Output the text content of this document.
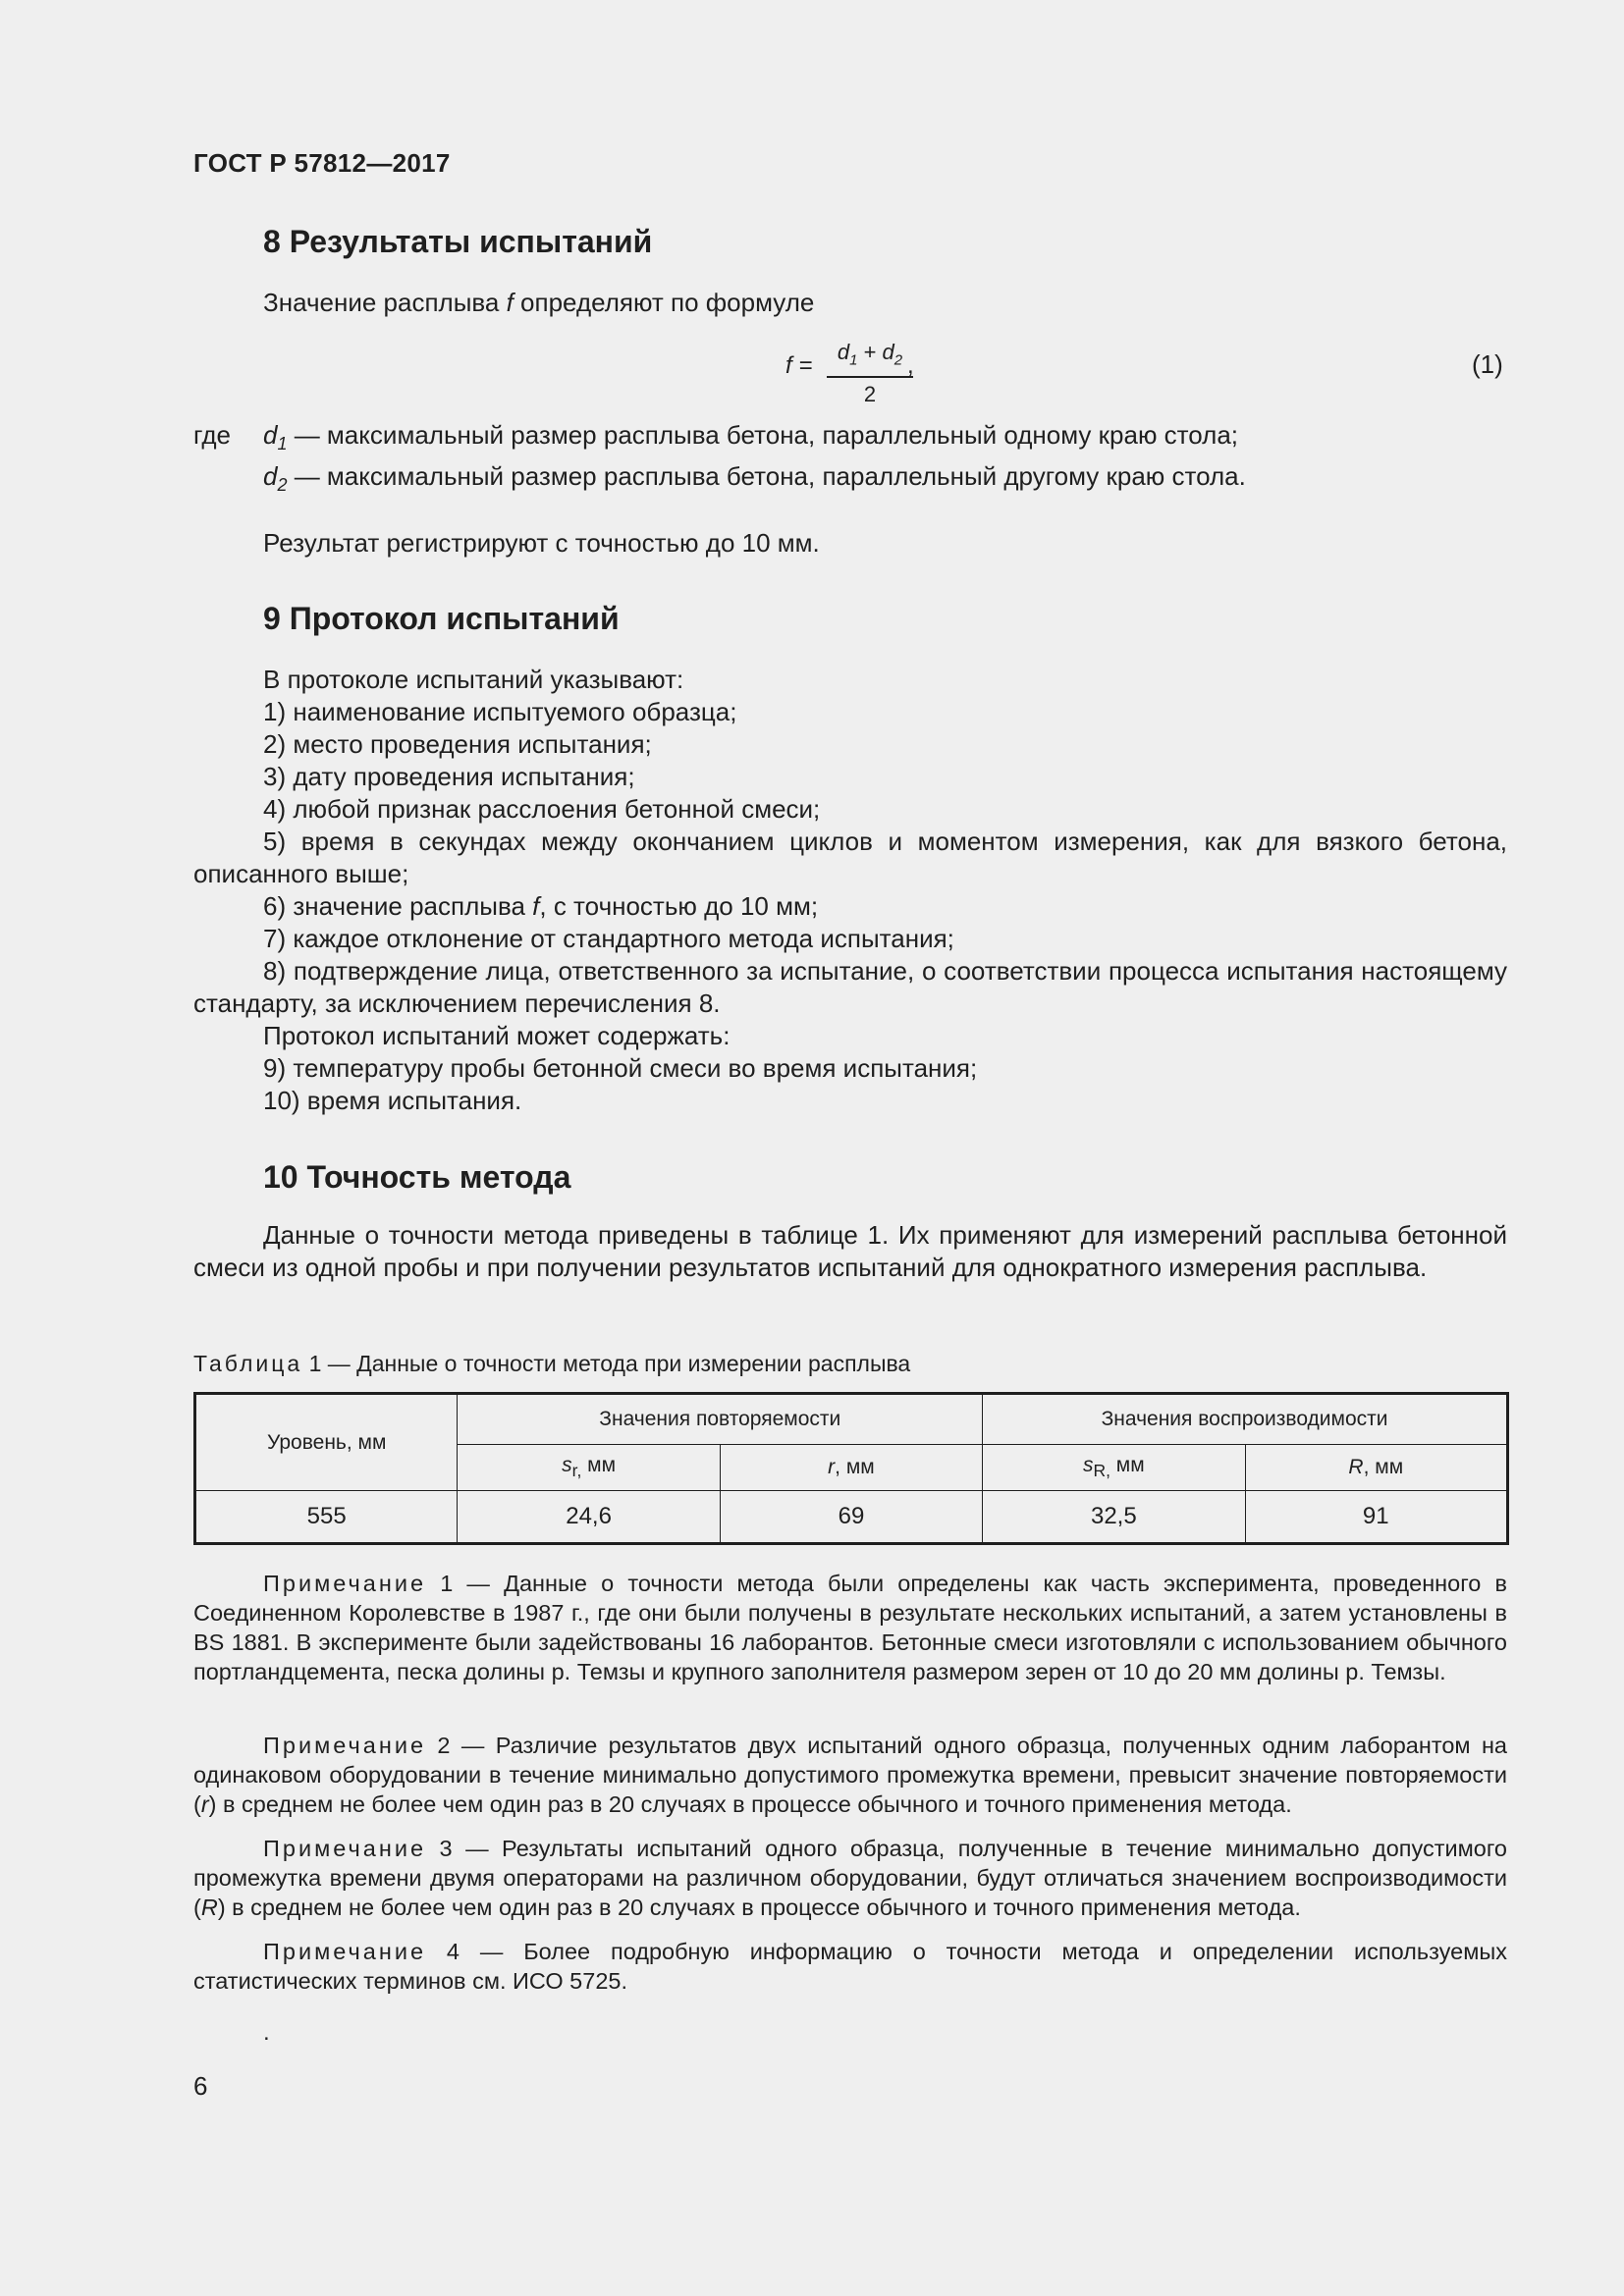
ГОСТ Р 57812—2017
8 Результаты испытаний
Значение расплыва f определяют по формуле
f =
$d_1 + d_2$
2
,	(1)
где $d_1$ — максимальный размер расплыва бетона, параллельный одному краю стола;
$d_2$ — максимальный размер расплыва бетона, параллельный другому краю стола.
Результат регистрируют с точностью до 10 мм.
9 Протокол испытаний
В протоколе испытаний указывают:
1) наименование испытуемого образца;
2) место проведения испытания;
3) дату проведения испытания;
4) любой признак расслоения бетонной смеси;
5) время в секундах между окончанием циклов и моментом измерения, как для вязкого бетона, описанного выше;
6) значение расплыва f, с точностью до 10 мм;
7) каждое отклонение от стандартного метода испытания;
8) подтверждение лица, ответственного за испытание, о соответствии процесса испытания настоящему стандарту, за исключением перечисления 8.
Протокол испытаний может содержать:
9) температуру пробы бетонной смеси во время испытания;
10) время испытания.
10 Точность метода
Данные о точности метода приведены в таблице 1. Их применяют для измерений расплыва бетонной смеси из одной пробы и при получении результатов испытаний для однократного измерения расплыва.
Таблица 1 — Данные о точности метода при измерении расплыва
Уровень, мм	Значения повторяемости		Значения воспроизводимости	
	$s_{r,}$ мм	r, мм	$s_{R,}$ мм	R, мм
555	24,6	69	32,5	91
Примечание 1 — Данные о точности метода были определены как часть эксперимента, проведенного в Соединенном Королевстве в 1987 г., где они были получены в результате нескольких испытаний, а затем установлены в BS 1881. В эксперименте были задействованы 16 лаборантов. Бетонные смеси изготовляли с использованием обычного портландцемента, песка долины р. Темзы и крупного заполнителя размером зерен от 10 до 20 мм долины р. Темзы.
Примечание 2 — Различие результатов двух испытаний одного образца, полученных одним лаборантом на одинаковом оборудовании в течение минимально допустимого промежутка времени, превысит значение повторяемости (r) в среднем не более чем один раз в 20 случаях в процессе обычного и точного применения метода.
Примечание 3 — Результаты испытаний одного образца, полученные в течение минимально допустимого промежутка времени двумя операторами на различном оборудовании, будут отличаться значением воспроизводимости (R) в среднем не более чем один раз в 20 случаях в процессе обычного и точного применения метода.
Примечание 4 — Более подробную информацию о точности метода и определении используемых статистических терминов см. ИСО 5725.
.
6
